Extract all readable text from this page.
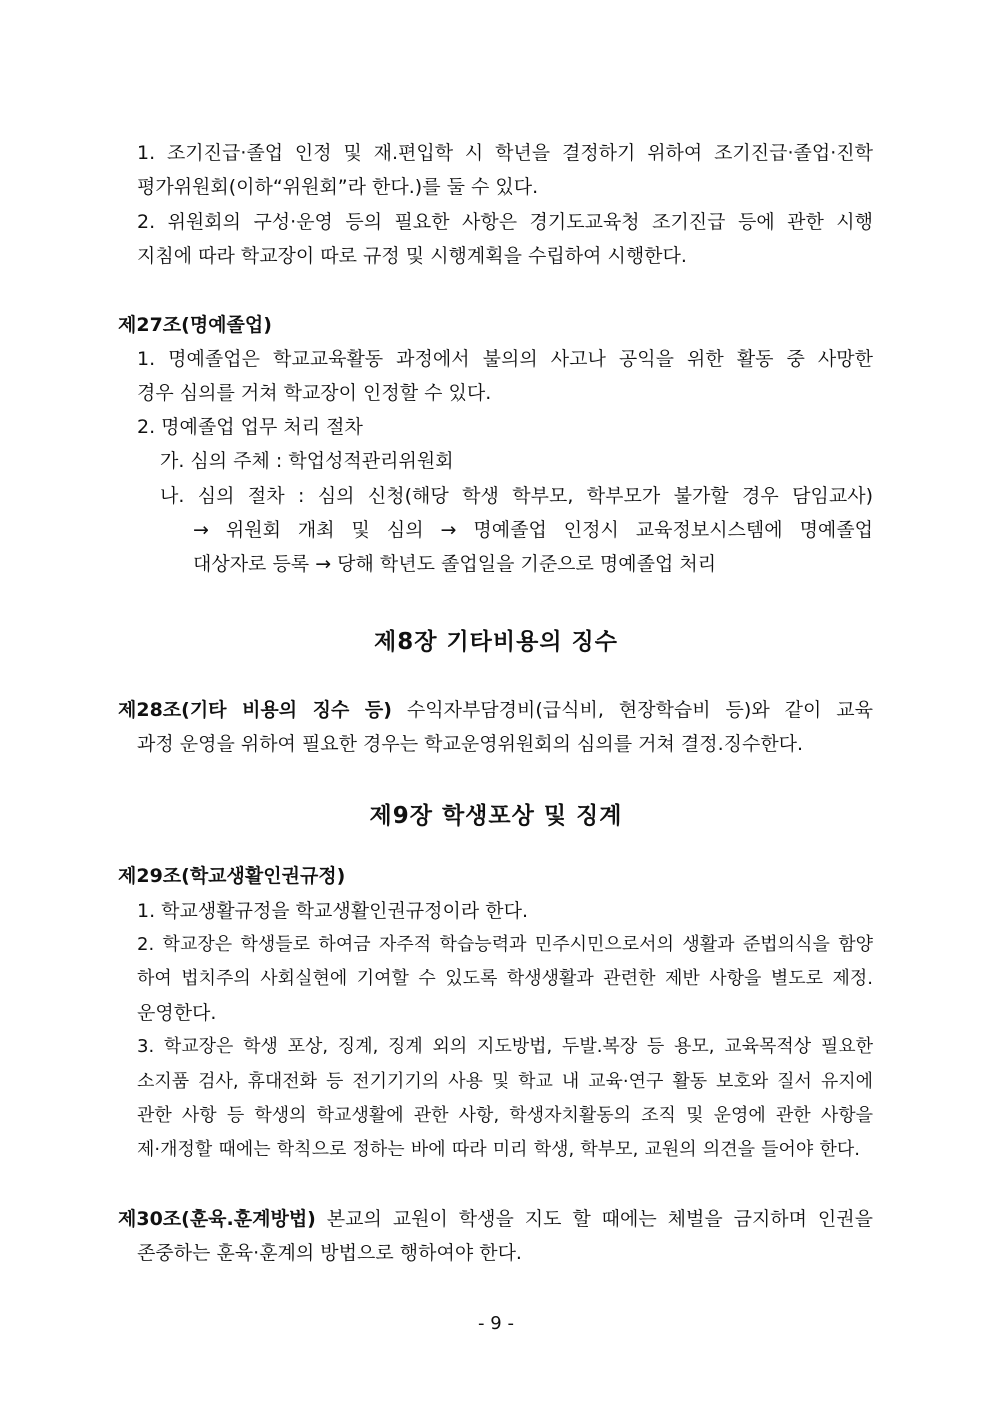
1. 조기진급·졸업 인정 및 재.편입학 시 학년을 결정하기 위하여 조기진급·졸업·진학
평가위원회(이하“위원회”라 한다.)를 둘 수 있다.
2. 위원회의 구성·운영 등의 필요한 사항은 경기도교육청 조기진급 등에 관한 시행
지침에 따라 학교장이 따로 규정 및 시행계획을 수립하여 시행한다.
제27조(명예졸업)
1. 명예졸업은 학교교육활동 과정에서 불의의 사고나 공익을 위한 활동 중 사망한
경우 심의를 거쳐 학교장이 인정할 수 있다.
2. 명예졸업 업무 처리 절차
가. 심의 주체 : 학업성적관리위원회
나. 심의 절차 : 심의 신청(해당 학생 학부모, 학부모가 불가할 경우 담임교사)
→ 위원회 개최 및 심의 → 명예졸업 인정시 교육정보시스템에 명예졸업
대상자로 등록 → 당해 학년도 졸업일을 기준으로 명예졸업 처리
제8장 기타비용의 징수
제28조(기타 비용의 징수 등) 수익자부담경비(급식비, 현장학습비 등)와 같이 교육
과정 운영을 위하여 필요한 경우는 학교운영위원회의 심의를 거쳐 결정.징수한다.
제9장 학생포상 및 징계
제29조(학교생활인권규정)
1. 학교생활규정을 학교생활인권규정이라 한다.
2. 학교장은 학생들로 하여금 자주적 학습능력과 민주시민으로서의 생활과 준법의식을 함양
하여 법치주의 사회실현에 기여할 수 있도록 학생생활과 관련한 제반 사항을 별도로 제정.
운영한다.
3. 학교장은 학생 포상, 징계, 징계 외의 지도방법, 두발.복장 등 용모, 교육목적상 필요한
소지품 검사, 휴대전화 등 전기기기의 사용 및 학교 내 교육·연구 활동 보호와 질서 유지에
관한 사항 등 학생의 학교생활에 관한 사항, 학생자치활동의 조직 및 운영에 관한 사항을
제·개정할 때에는 학칙으로 정하는 바에 따라 미리 학생, 학부모, 교원의 의견을 들어야 한다.
제30조(훈육.훈계방법) 본교의 교원이 학생을 지도 할 때에는 체벌을 금지하며 인권을
존중하는 훈육·훈계의 방법으로 행하여야 한다.
- 9 -
